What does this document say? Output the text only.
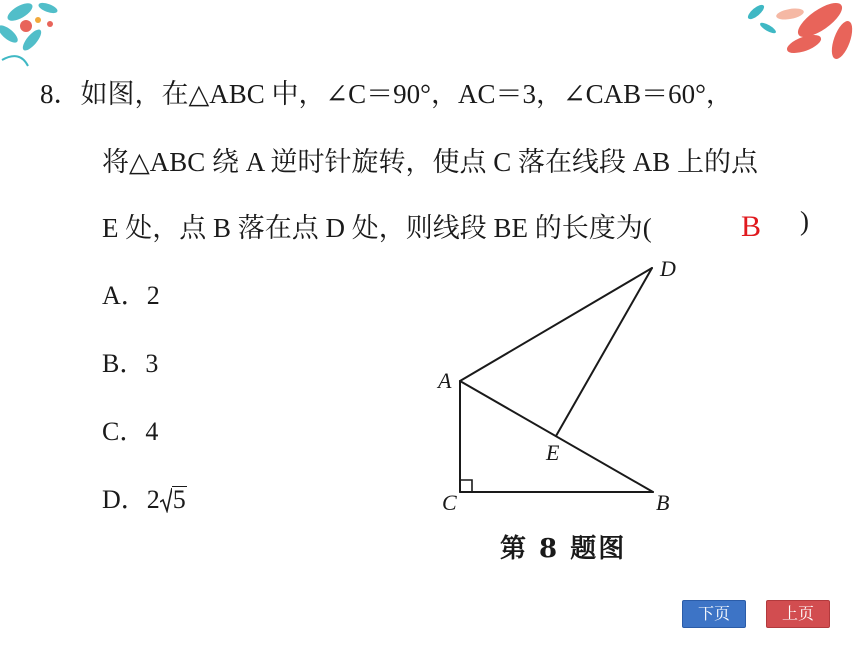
8．如图，在△ABC 中，∠C＝90°，AC＝3，∠CAB＝60°，
将△ABC 绕 A 逆时针旋转，使点 C 落在线段 AB 上的点
E 处，点 B 落在点 D 处，则线段 BE 的长度为(	B )
A．2
B．3
C．4
D．2 5
D
A
E
C	B
第 8 题图
下页	上页
